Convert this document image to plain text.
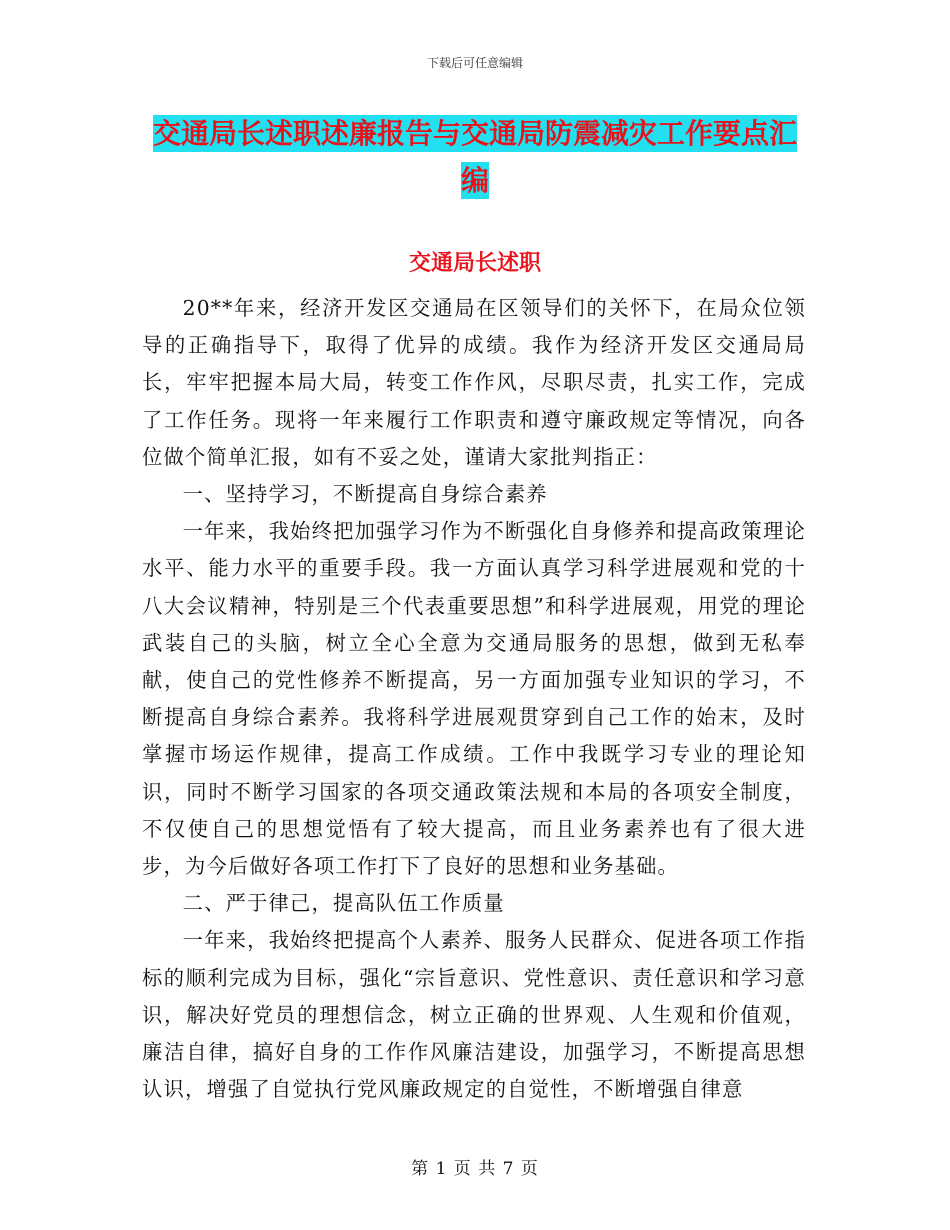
下载后可任意编辑
交通局长述职述廉报告与交通局防震减灾工作要点汇编
交通局长述职

20**年来，经济开发区交通局在区领导们的关怀下，在局众位领导的正确指导下，取得了优异的成绩。我作为经济开发区交通局局长，牢牢把握本局大局，转变工作作风，尽职尽责，扎实工作，完成了工作任务。现将一年来履行工作职责和遵守廉政规定等情况，向各位做个简单汇报，如有不妥之处，谨请大家批判指正：

一、坚持学习，不断提高自身综合素养

一年来，我始终把加强学习作为不断强化自身修养和提高政策理论水平、能力水平的重要手段。我一方面认真学习科学进展观和党的十八大会议精神，特别是三个代表重要思想”和科学进展观，用党的理论武装自己的头脑，树立全心全意为交通局服务的思想，做到无私奉献，使自己的党性修养不断提高，另一方面加强专业知识的学习，不断提高自身综合素养。我将科学进展观贯穿到自己工作的始末，及时掌握市场运作规律，提高工作成绩。工作中我既学习专业的理论知识，同时不断学习国家的各项交通政策法规和本局的各项安全制度，不仅使自己的思想觉悟有了较大提高，而且业务素养也有了很大进步，为今后做好各项工作打下了良好的思想和业务基础。

二、严于律己，提高队伍工作质量

一年来，我始终把提高个人素养、服务人民群众、促进各项工作指标的顺利完成为目标，强化“宗旨意识、党性意识、责任意识和学习意识，解决好党员的理想信念，树立正确的世界观、人生观和价值观，廉洁自律，搞好自身的工作作风廉洁建设，加强学习，不断提高思想认识，增强了自觉执行党风廉政规定的自觉性，不断增强自律意

第 1 页 共 7 页
